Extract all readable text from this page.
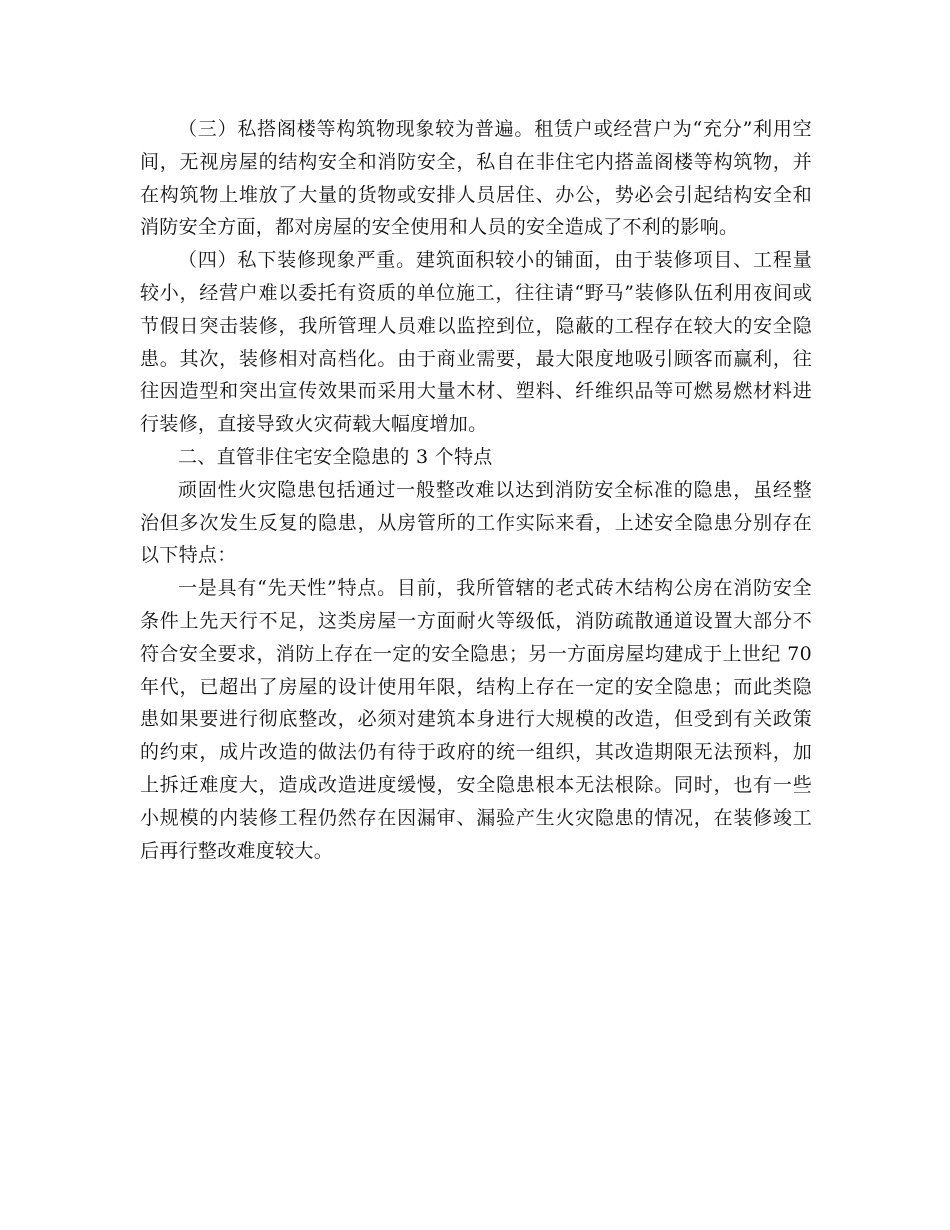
（三）私搭阁楼等构筑物现象较为普遍。租赁户或经营户为“充分”利用空间，无视房屋的结构安全和消防安全，私自在非住宅内搭盖阁楼等构筑物，并在构筑物上堆放了大量的货物或安排人员居住、办公，势必会引起结构安全和消防安全方面，都对房屋的安全使用和人员的安全造成了不利的影响。

（四）私下装修现象严重。建筑面积较小的铺面，由于装修项目、工程量较小，经营户难以委托有资质的单位施工，往往请“野马”装修队伍利用夜间或节假日突击装修，我所管理人员难以监控到位，隐蔽的工程存在较大的安全隐患。其次，装修相对高档化。由于商业需要，最大限度地吸引顾客而赢利，往往因造型和突出宣传效果而采用大量木材、塑料、纤维织品等可燃易燃材料进行装修，直接导致火灾荷载大幅度增加。

二、直管非住宅安全隐患的 3 个特点

顽固性火灾隐患包括通过一般整改难以达到消防安全标准的隐患，虽经整治但多次发生反复的隐患，从房管所的工作实际来看，上述安全隐患分别存在以下特点：

一是具有“先天性”特点。目前，我所管辖的老式砖木结构公房在消防安全条件上先天行不足，这类房屋一方面耐火等级低，消防疏散通道设置大部分不符合安全要求，消防上存在一定的安全隐患；另一方面房屋均建成于上世纪 70 年代，已超出了房屋的设计使用年限，结构上存在一定的安全隐患；而此类隐患如果要进行彻底整改，必须对建筑本身进行大规模的改造，但受到有关政策的约束，成片改造的做法仍有待于政府的统一组织，其改造期限无法预料，加上拆迁难度大，造成改造进度缓慢，安全隐患根本无法根除。同时，也有一些小规模的内装修工程仍然存在因漏审、漏验产生火灾隐患的情况，在装修竣工后再行整改难度较大。
